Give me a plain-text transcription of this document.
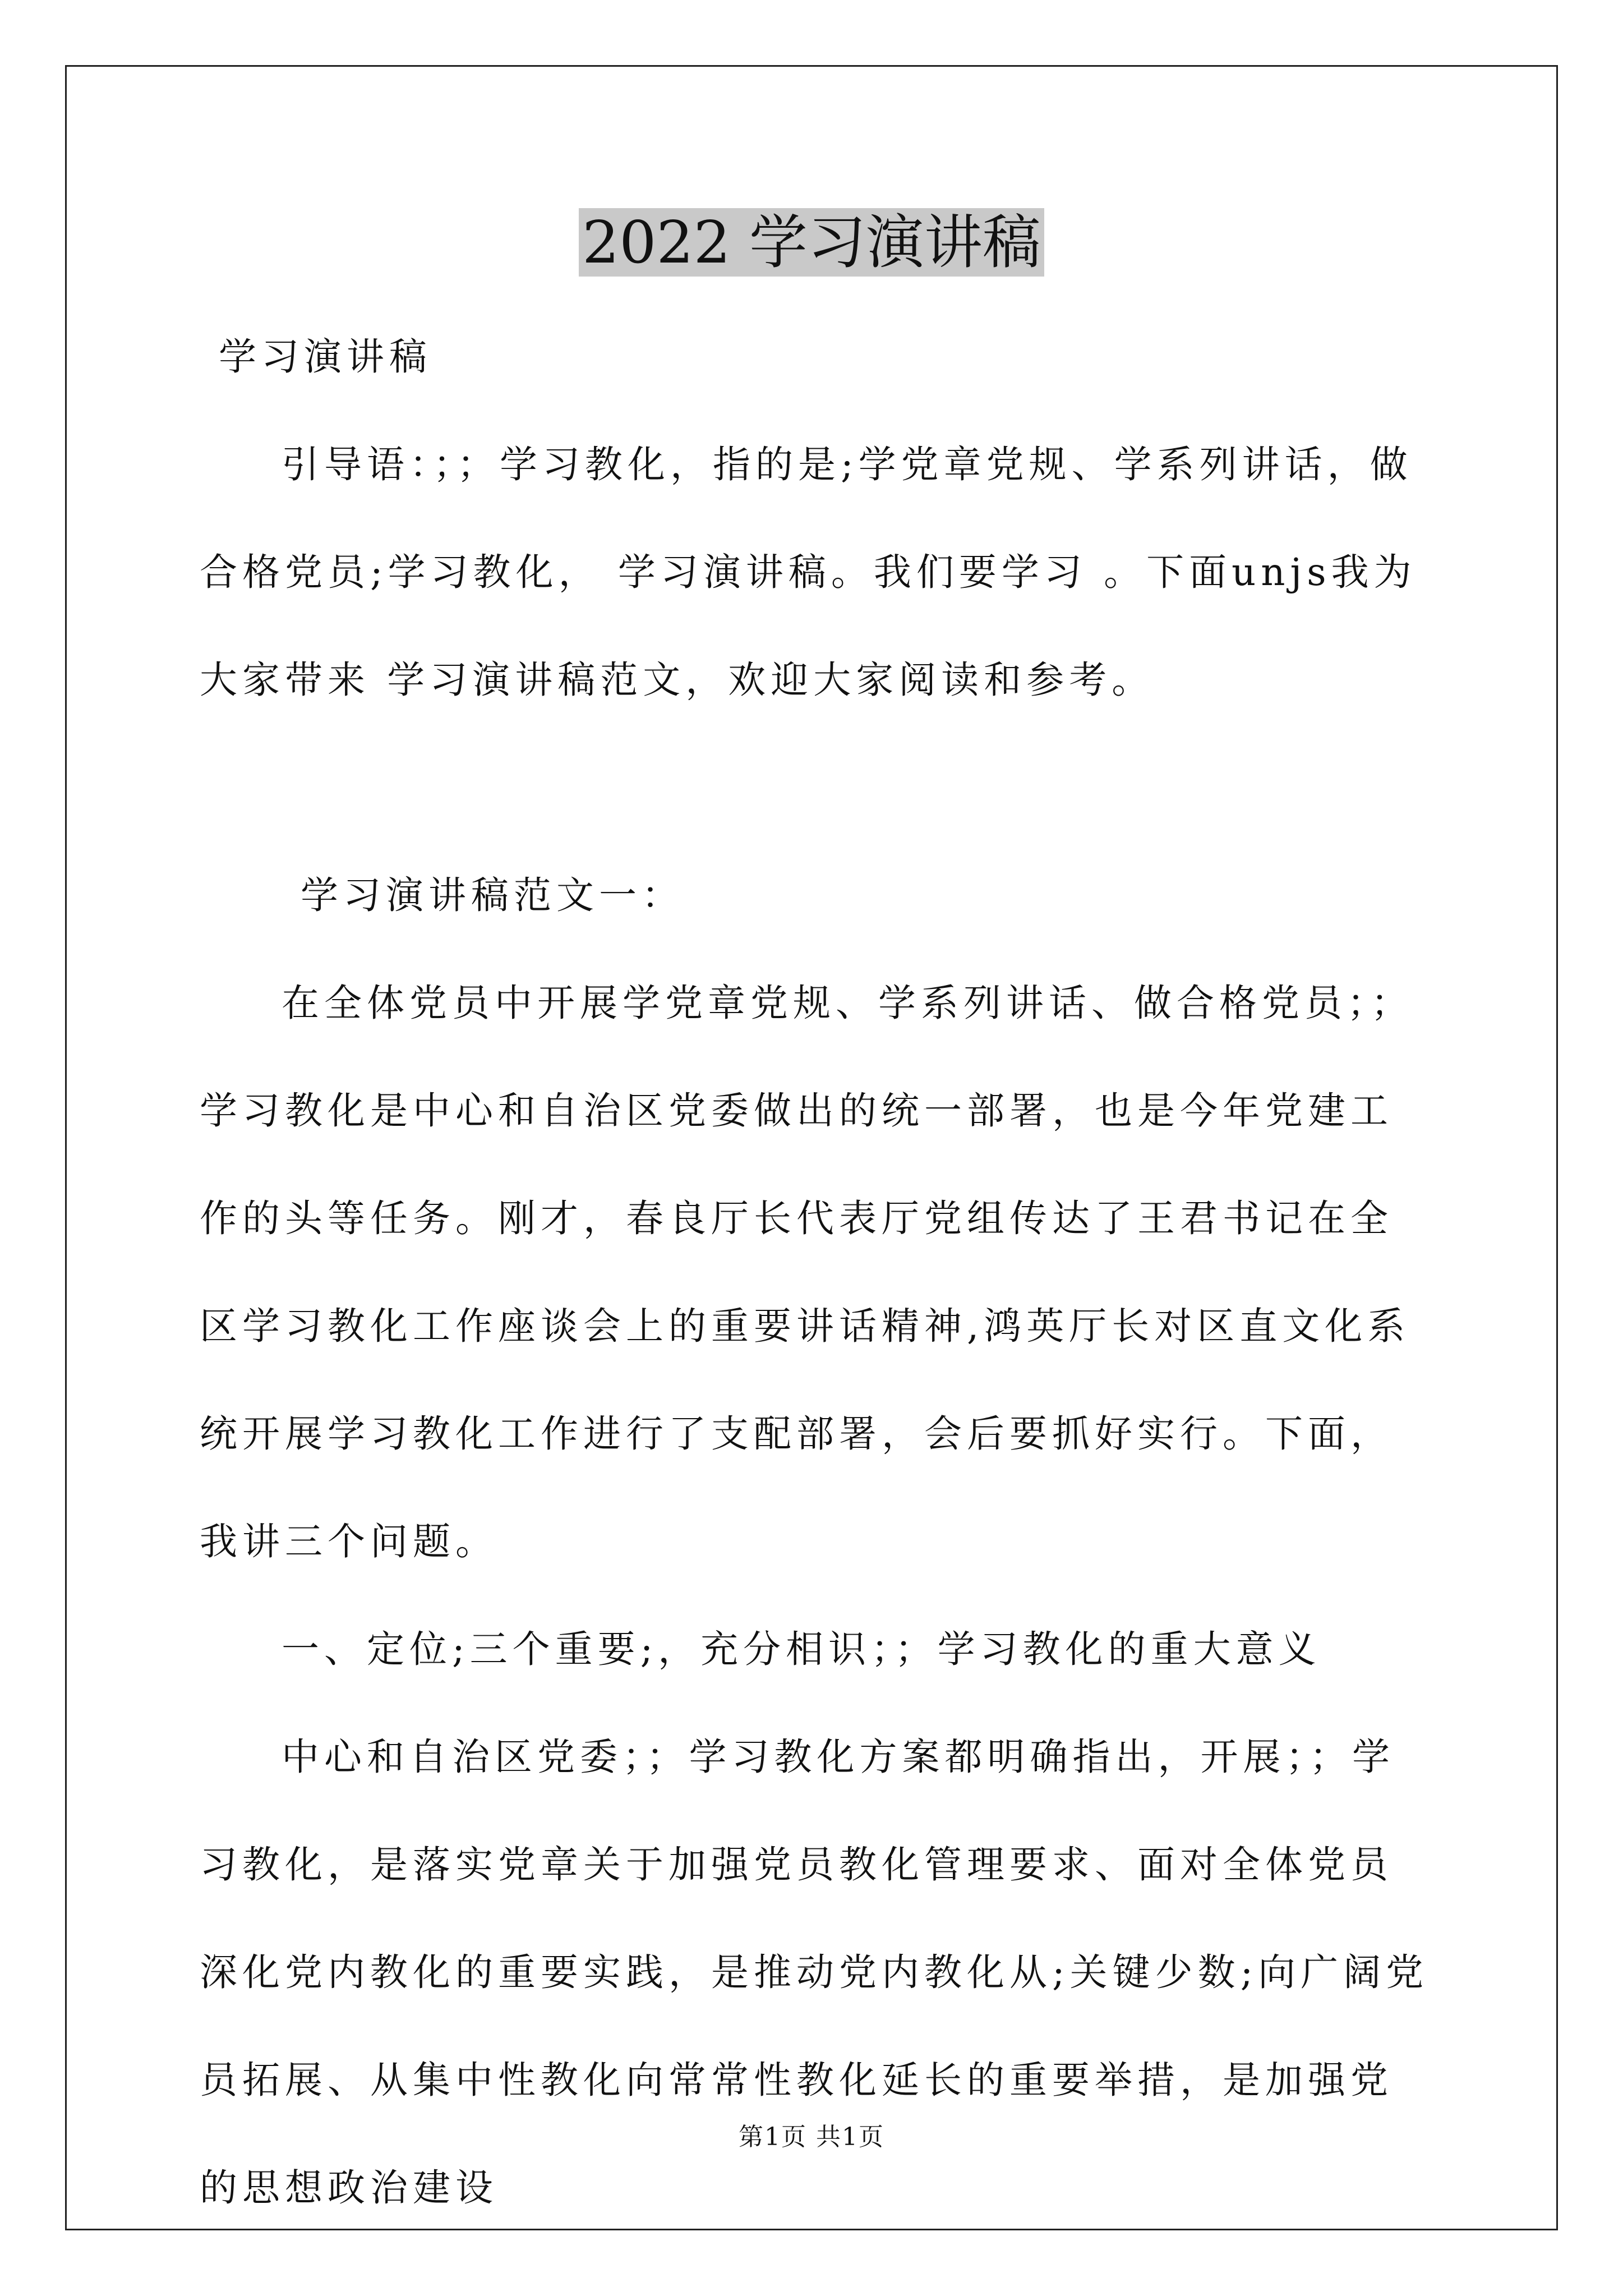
2022 学习演讲稿

学习演讲稿

引导语：；；学习教化，指的是;学党章党规、学系列讲话，做合格党员;学习教化， 学习演讲稿。我们要学习 。下面unjs我为大家带来 学习演讲稿范文，欢迎大家阅读和参考。

学习演讲稿范文一：

在全体党员中开展学党章党规、学系列讲话、做合格党员；；学习教化是中心和自治区党委做出的统一部署，也是今年党建工作的头等任务。刚才，春良厅长代表厅党组传达了王君书记在全区学习教化工作座谈会上的重要讲话精神,鸿英厅长对区直文化系统开展学习教化工作进行了支配部署，会后要抓好实行。下面，我讲三个问题。

一、定位;三个重要;，充分相识；；学习教化的重大意义

中心和自治区党委；；学习教化方案都明确指出，开展；；学习教化，是落实党章关于加强党员教化管理要求、面对全体党员深化党内教化的重要实践，是推动党内教化从;关键少数;向广阔党员拓展、从集中性教化向常常性教化延长的重要举措，是加强党的思想政治建设

第1页 共1页
